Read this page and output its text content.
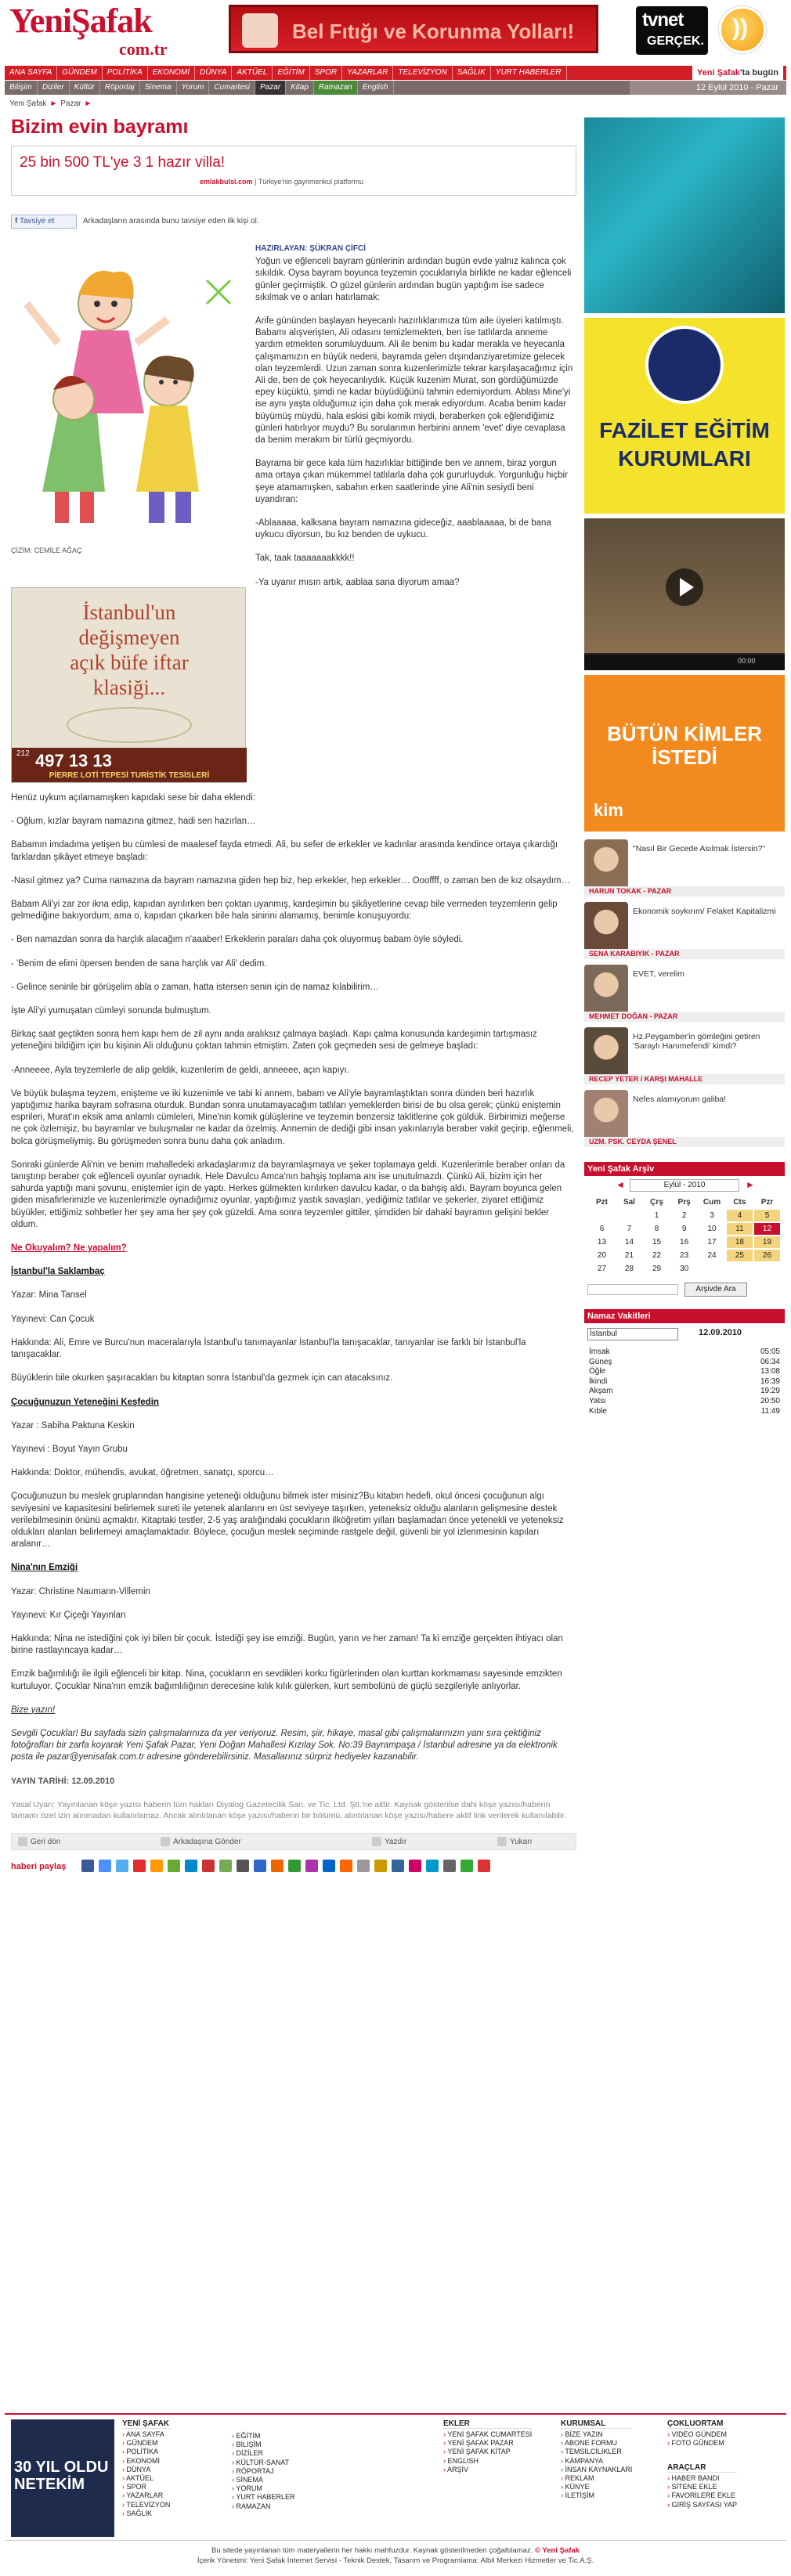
YeniŞafak
com.tr
Bel Fıtığı ve Korunma Yolları!	tvnet
GERÇEK.
))
Yeni Şafak'ta bugün
ANA SAYFA	GÜNDEM	POLİTİKA	EKONOMİ	DÜNYA	AKTÜEL	EĞİTİM	SPOR	YAZARLAR	TELEVİZYON	SAĞLIK	YURT HABERLER
12 Eylül 2010 - Pazar
Bilişim	Diziler	Kültür	Röportaj	Sinema	Yorum	Cumartesi	Pazar	Kitap	Ramazan	English
Yeni Şafak ► Pazar ►
Bizim evin bayramı
25 bin 500 TL'ye 3 1 hazır villa!
emlakbulsi.com | Türkiye'nin gayrimenkul platformu
f Tavsiye et	Arkadaşların arasında bunu tavsiye eden ilk kişi ol.
ÇİZİM: CEMİLE AĞAÇ
İstanbul'un
değişmeyen
açık büfe iftar
klasiği...
212 497 13 13
PİERRE LOTİ TEPESİ TURİSTİK TESİSLERİ

HAZIRLAYAN: ŞÜKRAN ÇİFCİ

Yoğun ve eğlenceli bayram günlerinin ardından bugün evde yalnız kalınca çok sıkıldık. Oysa bayram boyunca teyzemin çocuklarıyla birlikte ne kadar eğlenceli günler geçirmiştik. O güzel günlerin ardından bugün yaptığım ise sadece sıkılmak ve o anları hatırlamak:

Arife gününden başlayan heyecanlı hazırlıklarımıza tüm aile üyeleri katılmıştı. Babamı alışverişten, Ali odasını temizlemekten, ben ise tatlılarda anneme yardım etmekten sorumluyduum. Ali ile benim bu kadar merakla ve heyecanla çalışmamızın en büyük nedeni, bayramda gelen dışındanziyaretimize gelecek olan teyzemlerdi. Uzun zaman sonra kuzenlerimizle tekrar karşılaşacağımız için Ali de, ben de çok heyecanlıydık. Küçük kuzenim Murat, son gördüğümüzde epey küçüktü, şimdi ne kadar büyüdüğünü tahmin edemiyordum. Ablası Mine'yi ise aynı yaşta olduğumuz için daha çok merak ediyordum. Acaba benim kadar büyümüş müydü, hala eskisi gibi komik miydi, beraberken çok eğlendiğimiz günleri hatırlıyor muydu? Bu sorularımın herbirini annem 'evet' diye cevaplasa da benim merakım bir türlü geçmiyordu.

Bayrama bir gece kala tüm hazırlıklar bittiğinde ben ve annem, biraz yorgun ama ortaya çıkan mükemmel tatlılarla daha çok gururluyduk. Yorgunluğu hiçbir şeye atamamışken, sabahın erken saatlerinde yine Ali'nin sesiydi beni uyandıran:

-Ablaaaaa, kalksana bayram namazına gideceğiz, aaablaaaaa, bi de bana uykucu diyorsun, bu kız benden de uykucu.

Tak, taak taaaaaaakkkk!!

-Ya uyanır mısın artık, aablaa sana diyorum amaa?

Henüz uykum açılamamışken kapıdaki sese bir daha eklendi:

- Oğlum, kızlar bayram namazına gitmez, hadi sen hazırlan…

Babamın imdadıma yetişen bu cümlesi de maalesef fayda etmedi. Ali, bu sefer de erkekler ve kadınlar arasında kendince ortaya çıkardığı farklardan şikâyet etmeye başladı:

-Nasıl gitmez ya? Cuma namazına da bayram namazına giden hep biz, hep erkekler, hep erkekler… Oooffff, o zaman ben de kız olsaydım…

Babam Ali'yi zar zor ikna edip, kapıdan ayrılırken ben çoktan uyanmış, kardeşimin bu şikâyetlerine cevap bile vermeden teyzemlerin gelip gelmediğine bakıyordum; ama o, kapıdan çıkarken bile hala sinirini alamamış, benimle konuşuyordu:

- Ben namazdan sonra da harçlık alacağım n'aaaber! Erkeklerin paraları daha çok oluyormuş babam öyle söyledi.

- 'Benim de elimi öpersen benden de sana harçlık var Ali' dedim.

- Gelince seninle bir görüşelim abla o zaman, hatta istersen senin için de namaz kılabilirim…

İşte Ali'yi yumuşatan cümleyi sonunda bulmuştum.

Birkaç saat geçtikten sonra hem kapı hem de zil aynı anda aralıksız çalmaya başladı. Kapı çalma konusunda kardeşimin tartışmasız yeteneğini bildiğim için bu kişinin Ali olduğunu çoktan tahmin etmiştim. Zaten çok geçmeden sesi de gelmeye başladı:

-Anneeee, Ayla teyzemlerle de alip geldik, kuzenlerim de geldi, anneeee, açın kapıyı.

Ve büyük bulaşma teyzem, enişteme ve iki kuzenimle ve tabi ki annem, babam ve Ali'yle bayramlaştıktan sonra dünden beri hazırlık yaptığımız harika bayram sofrasına oturduk. Bundan sonra unutamayacağım tatlıları yemeklerden birisi de bu olsa gerek; çünkü eniştemin esprileri, Murat'ın eksik ama anlamlı cümleleri, Mine'nin komik gülüşlerine ve teyzemin benzersiz taklitlerine çok güldük. Birbirimizi meğerse ne çok özlemişiz, bu bayramlar ve buluşmalar ne kadar da özelmiş. Annemin de dediği gibi insan yakınlarıyla beraber vakit geçirip, eğlenmeli, bolca görüşmeliymiş. Bu görüşmeden sonra bunu daha çok anladım.

Sonraki günlerde Ali'nin ve benim mahalledeki arkadaşlarımız da bayramlaşmaya ve şeker toplamaya geldi. Kuzenlerimle beraber onları da tanıştırıp beraber çok eğlenceli oyunlar oynadık. Hele Davulcu Amca'nın bahşiş toplama anı ise unutulmazdı. Çünkü Ali, bizim için her sahurda yaptığı mani şovunu, eniştemler için de yaptı. Herkes gülmekten kırılırken davulcu kadar, o da bahşiş aldı. Bayram boyunca gelen giden misafirlerimizle ve kuzenlerimizle oynadığımız oyunlar, yaptığımız yastık savaşları, yediğimiz tatlılar ve şekerler, ziyaret ettiğimiz büyükler, ettiğimiz sohbetler her şey ama her şey çok güzeldi. Ama sonra teyzemler gittiler, şimdiden bir dahaki bayramın gelişini bekler oldum.

Ne Okuyalım? Ne yapalım?

İstanbul'la Saklambaç

Yazar: Mina Tansel

Yayınevi: Can Çocuk

Hakkında: Ali, Emre ve Burcu'nun maceralarıyla İstanbul'u tanımayanlar İstanbul'la tanışacaklar, tanıyanlar ise farklı bir İstanbul'la tanışacaklar.

Büyüklerin bile okurken şaşıracakları bu kitaptan sonra İstanbul'da gezmek için can atacaksınız.

Çocuğunuzun Yeteneğini Keşfedin

Yazar : Sabiha Paktuna Keskin

Yayınevi : Boyut Yayın Grubu

Hakkında: Doktor, mühendis, avukat, öğretmen, sanatçı, sporcu…

Çocuğunuzun bu meslek gruplarından hangisine yeteneği olduğunu bilmek ister misiniz?Bu kitabın hedefi, okul öncesi çocuğunun algı seviyesini ve kapasitesini belirlemek sureti ile yetenek alanlarını en üst seviyeye taşırken, yeteneksiz olduğu alanların gelişmesine destek verilebilmesinin önünü açmaktır. Kitaptaki testler, 2-5 yaş aralığındaki çocukların ilköğretim yılları başlamadan önce yetenekli ve yeteneksiz oldukları alanları belirlemeyi amaçlamaktadır. Böylece, çocuğun meslek seçiminde rastgele değil, güvenli bir yol izlenmesinin kapıları aralanır…

Nina'nın Emziği

Yazar: Christine Naumann-Villemin

Yayınevi: Kır Çiçeği Yayınları

Hakkında: Nina ne istediğini çok iyi bilen bir çocuk. İstediği şey ise emziği. Bugün, yarın ve her zaman! Ta ki emziğe gerçekten ihtiyacı olan birine rastlayıncaya kadar…

Emzik bağımlılığı ile ilgili eğlenceli bir kitap. Nina, çocukların en sevdikleri korku figürlerinden olan kurttan korkmaması sayesinde emzikten kurtuluyor. Çocuklar Nina'nın emzik bağımlılığının derecesine kılık kılık gülerken, kurt sembolünü de güçlü sezgileriyle anlıyorlar.

Bize yazın!

Sevgili Çocuklar! Bu sayfada sizin çalışmalarınıza da yer veriyoruz. Resim, şiir, hikaye, masal gibi çalışmalarınızın yanı sıra çektiğiniz fotoğrafları bir zarfa koyarak Yeni Şafak Pazar, Yeni Doğan Mahallesi Kızılay Sok. No:39 Bayrampaşa / İstanbul adresine ya da elektronik posta ile pazar@yenisafak.com.tr adresine gönderebilirsiniz. Masallarınız sürpriz hediyeler kazanabilir.

YAYIN TARİHİ: 12.09.2010

Yasal Uyarı: Yayınlanan köşe yazısı haberin tüm hakları Diyalog Gazetecilik San. ve Tic. Ltd. Şti.'ne aittir. Kaynak gösterilse dahi köşe yazısı/haberin tamamı özel izin alınmadan kullanılamaz. Ancak alıntılanan köşe yazısı/haberin bir bölümü, alıntılanan köşe yazısı/habere aktif link verilerek kullanılabilir.

Geri dön	Arkadaşına Gönder	Yazdır	Yukarı
haberi paylaş
FAZİLET EĞİTİM
KURUMLARI
00:00
BÜTÜN KİMLER İSTEDİ
kim
"Nasıl Bir Gecede Asılmak İstersin?"
HARUN TOKAK - PAZAR
Ekonomik soykırım/ Felaket Kapitalizmi
SENA KARABIYIK - PAZAR
EVET, verelim
MEHMET DOĞAN - PAZAR
Hz.Peygamber'in gömleğini getiren 'Saraylı Hanımefendi' kimdi?
RECEP YETER / KARŞI MAHALLE
Nefes alamıyorum galiba!
UZM. PSK. CEYDA ŞENEL
Yeni Şafak Arşiv
◄	Eylül - 2010	►
Pzt	Sal	Çrş	Prş	Cum	Cts	Pzr
		1	2	3	4	5
6	7	8	9	10	11	12
13	14	15	16	17	18	19
20	21	22	23	24	25	26
27	28	29	30			
Arşivde Ara
Namaz Vakitleri
İstanbul	12.09.2010
İmsak	05:05
Güneş	06:34
Öğle	13:08
İkindi	16:39
Akşam	19:29
Yatsı	20:50
Kıble	11:49
30 YIL OLDU NETEKİM
YENİ ŞAFAK
› ANA SAYFA
› GÜNDEM
› POLİTİKA
› EKONOMİ
› DÜNYA
› AKTÜEL
› SPOR
› YAZARLAR
› TELEVİZYON
› SAĞLIK
› EĞİTİM
› BİLİŞİM
› DİZİLER
› KÜLTÜR-SANAT
› RÖPORTAJ
› SİNEMA
› YORUM
› YURT HABERLER
› RAMAZAN
EKLER
› YENİ ŞAFAK CUMARTESİ
› YENİ ŞAFAK PAZAR
› YENİ ŞAFAK KİTAP
› ENGLISH
› ARŞİV
KURUMSAL
› BİZE YAZIN
› ABONE FORMU
› TEMSİLCİLİKLER
› KAMPANYA
› İNSAN KAYNAKLARI
› REKLAM
› KÜNYE
› İLETİŞİM
ÇOKLUORTAM
› VİDEO GÜNDEM
› FOTO GÜNDEM
ARAÇLAR
› HABER BANDI
› SİTENE EKLE
› FAVORİLERE EKLE
› GİRİŞ SAYFASI YAP
Bu sitede yayınlanan tüm materyallerin her hakkı mahfuzdur. Kaynak gösterilmeden çoğaltılamaz. © Yeni Şafak
İçerik Yönetimi: Yeni Şafak İnternet Servisi - Teknik Destek, Tasarım ve Programlama: Albil Merkezi Hizmetler ve Tic.A.Ş.
